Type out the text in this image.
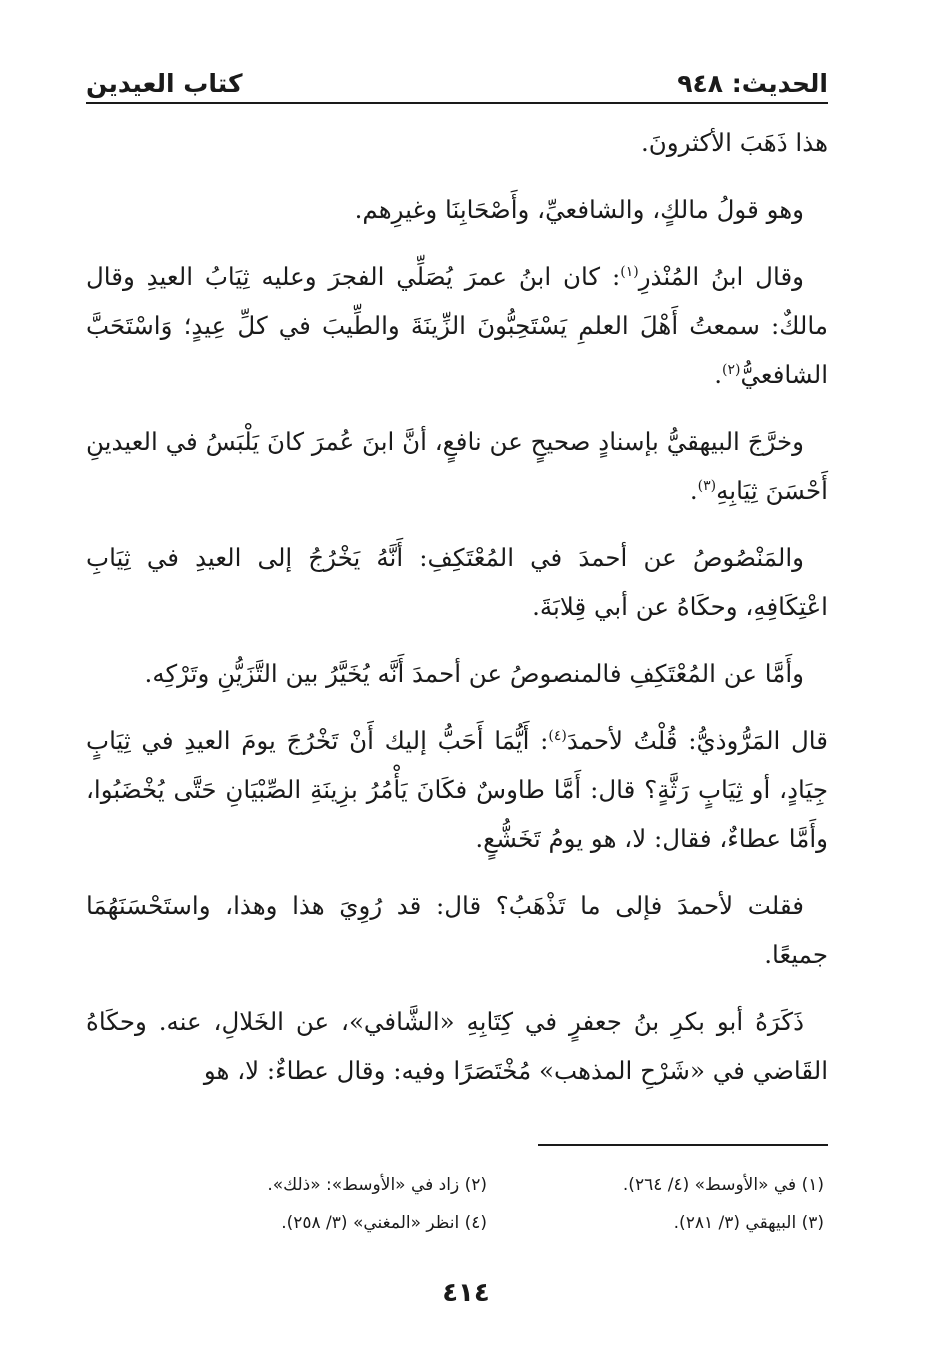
الحديث: ٩٤٨
كتاب العيدين

هذا ذَهَبَ الأكثرونَ.

وهو قولُ مالكٍ، والشافعيِّ، وأَصْحَابِنَا وغيرِهم.

وقال ابنُ المُنْذرِ$^{(١)}$: كان ابنُ عمرَ يُصَلِّي الفجرَ وعليه ثِيَابُ العيدِ وقال مالكٌ: سمعتُ أَهْلَ العلمِ يَسْتَحِبُّونَ الزِّينَةَ والطِّيبَ في كلِّ عِيدٍ؛ وَاسْتَحَبَّ الشافعيُّ$^{(٢)}$.

وخرَّجَ البيهقيُّ بإسنادٍ صحيحٍ عن نافعٍ، أنَّ ابنَ عُمرَ كانَ يَلْبَسُ في العيدينِ أَحْسَنَ ثِيَابِهِ$^{(٣)}$.

والمَنْصُوصُ عن أحمدَ في المُعْتَكِفِ: أَنَّهُ يَخْرُجُ إلى العيدِ في ثِيَابِ اعْتِكَافِهِ، وحكَاهُ عن أبي قِلابَةَ.

وأَمَّا عن المُعْتَكِفِ فالمنصوصُ عن أحمدَ أَنَّه يُخَيَّرُ بين التَّزَيُّنِ وتَرْكِه.

قال المَرُّوذيُّ: قُلْتُ لأحمدَ$^{(٤)}$: أَيُّمَا أَحَبُّ إليك أَنْ تَخْرُجَ يومَ العيدِ في ثِيَابٍ جِيَادٍ، أو ثِيَابٍ رَثَّةٍ؟ قال: أَمَّا طاوسٌ فكَانَ يَأْمُرُ بزِينَةِ الصِّبْيَانِ حَتَّى يُخْضَبُوا، وأَمَّا عطاءٌ، فقال: لا، هو يومُ تَخَشُّعٍ.

فقلت لأحمدَ فإلى ما تَذْهَبُ؟ قال: قد رُوِيَ هذا وهذا، واستَحْسَنَهُمَا جميعًا.

ذَكَرَهُ أبو بكرِ بنُ جعفرٍ في كِتَابِهِ «الشَّافي»، عن الخَلالِ، عنه. وحكَاهُ القَاضي في «شَرْحِ المذهب» مُخْتَصَرًا وفيه: وقال عطاءٌ: لا، هو

(١) في «الأوسط» (٤/ ٢٦٤).
(٢) زاد في «الأوسط»: «ذلك».
(٣) البيهقي (٣/ ٢٨١).
(٤) انظر «المغني» (٣/ ٢٥٨).
٤١٤
